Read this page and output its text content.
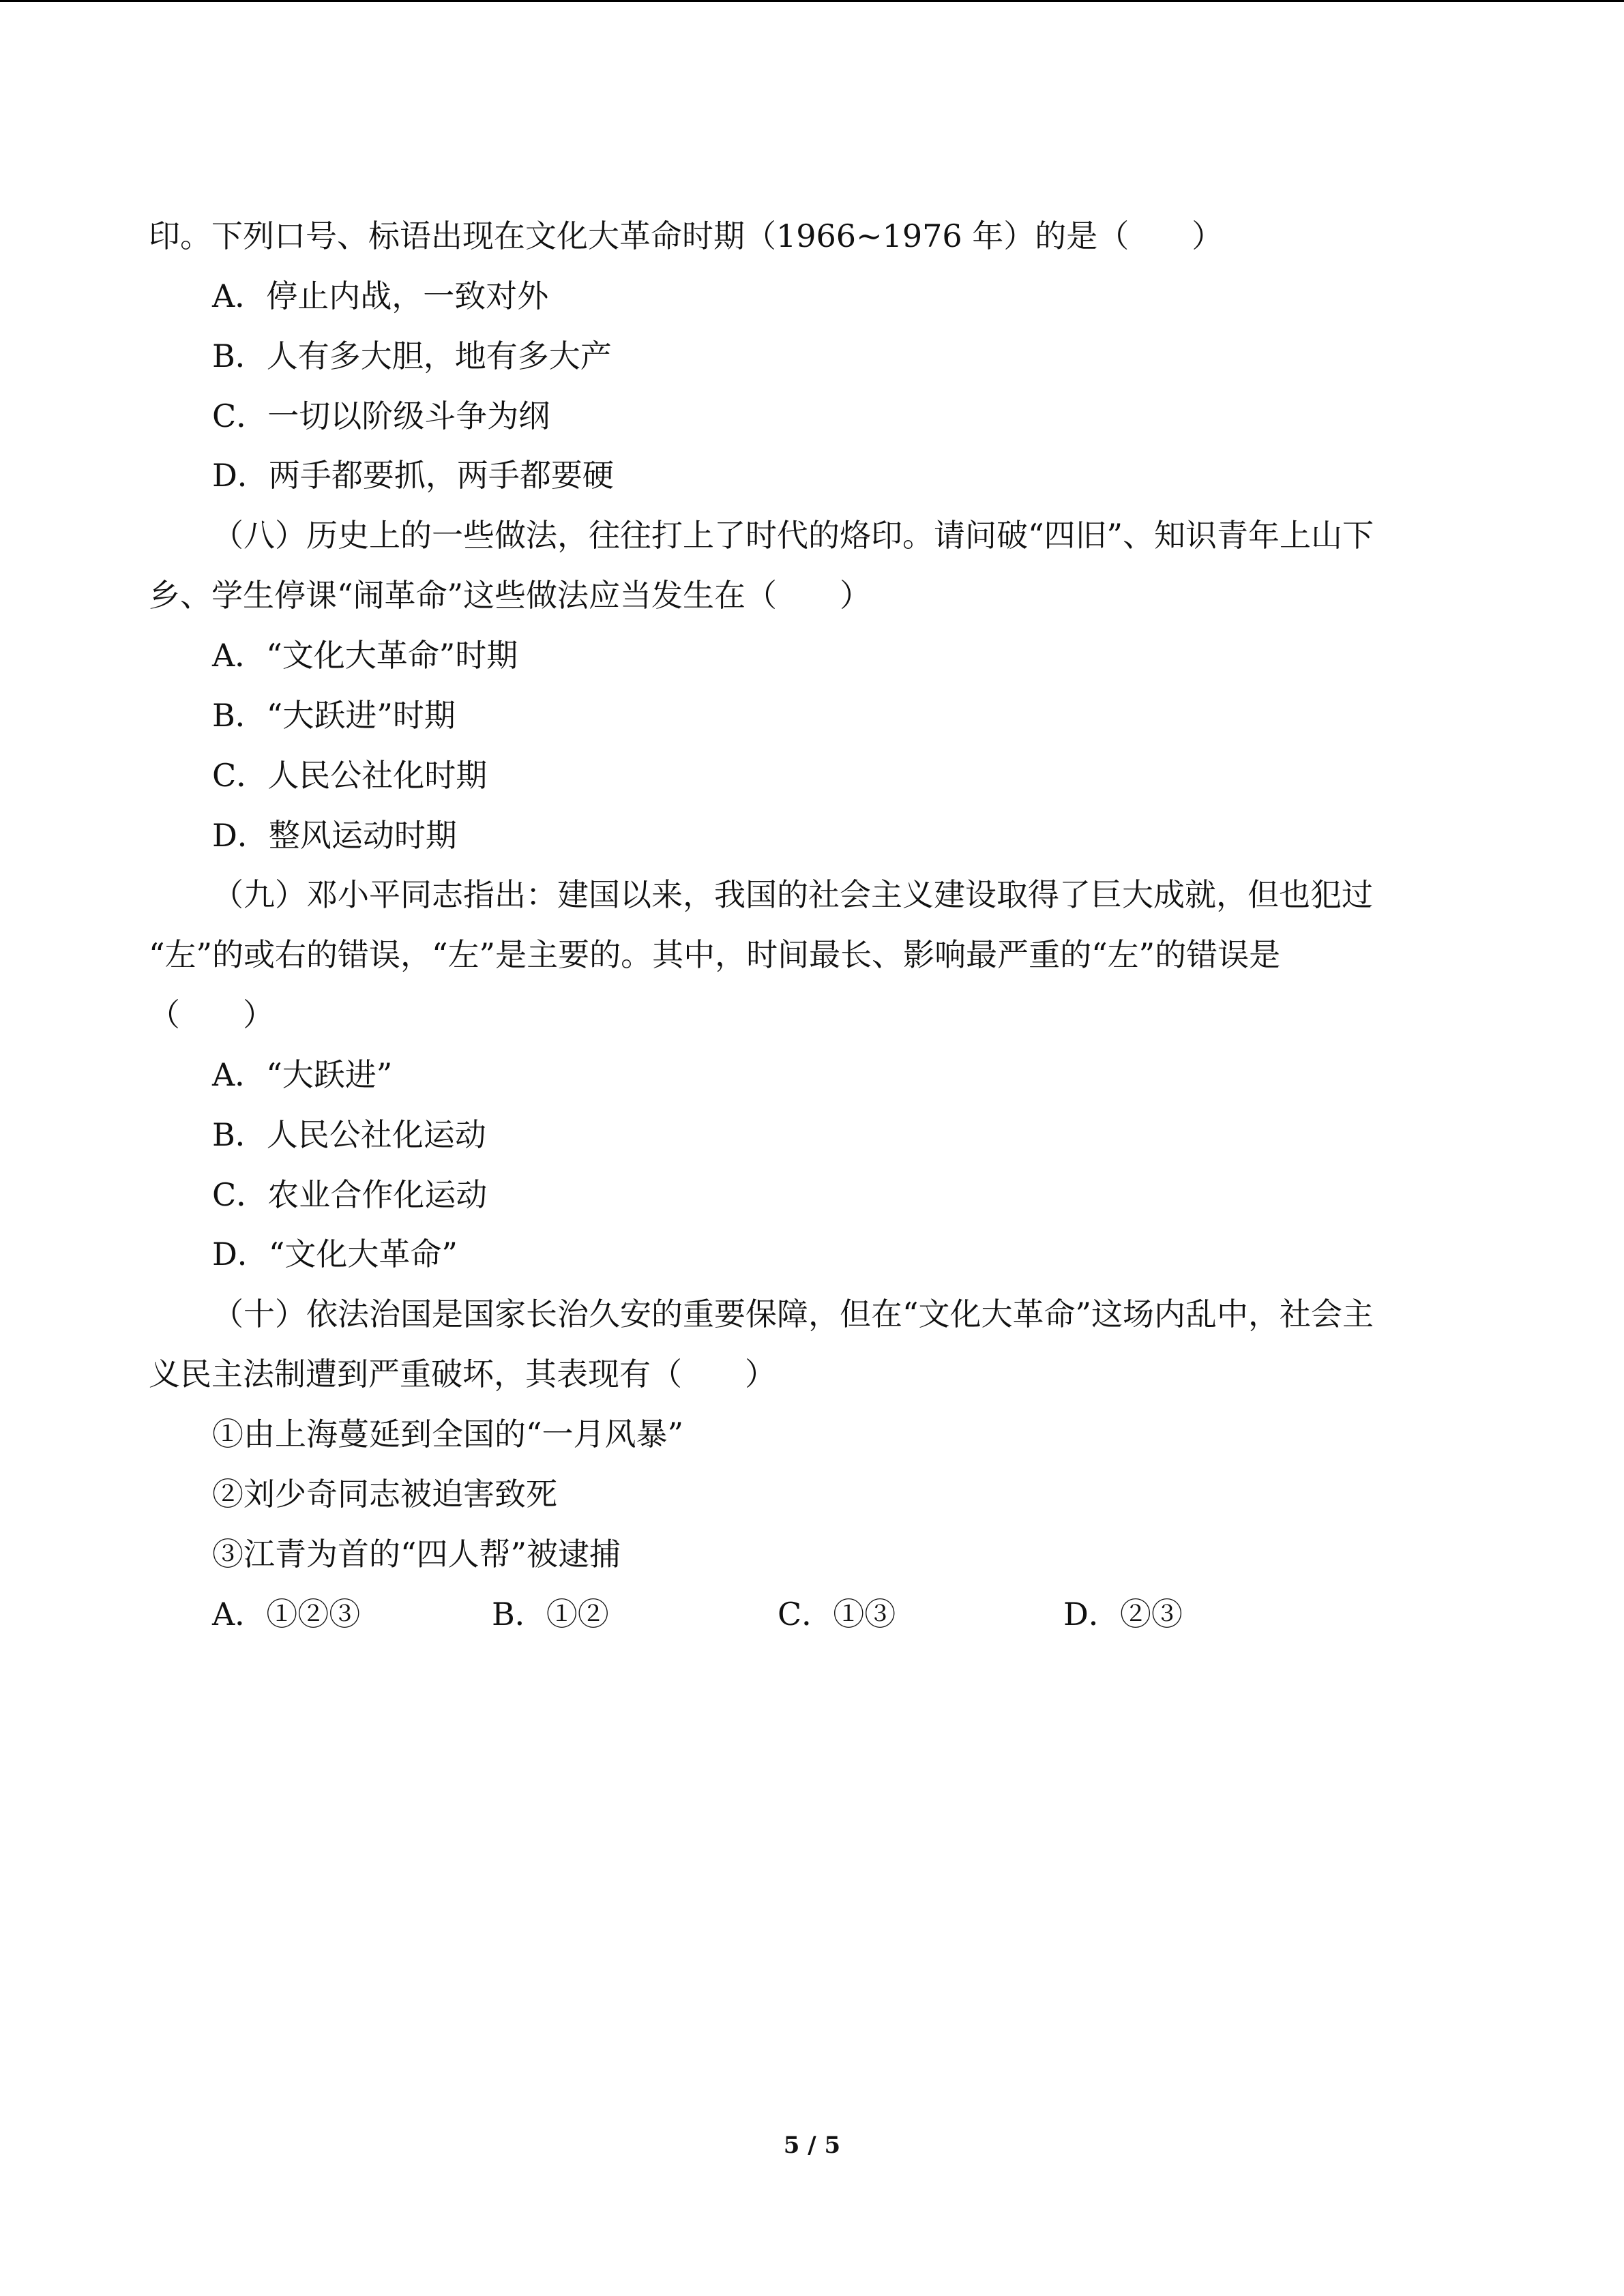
印。下列口号、标语出现在文化大革命时期（1966~1976 年）的是（　　）
A．停止内战，一致对外
B．人有多大胆，地有多大产
C．一切以阶级斗争为纲
D．两手都要抓，两手都要硬
（八）历史上的一些做法，往往打上了时代的烙印。请问破“四旧”、知识青年上山下
乡、学生停课“闹革命”这些做法应当发生在（　　）
A．“文化大革命”时期
B．“大跃进”时期
C．人民公社化时期
D．整风运动时期
（九）邓小平同志指出：建国以来，我国的社会主义建设取得了巨大成就，但也犯过
“左”的或右的错误，“左”是主要的。其中，时间最长、影响最严重的“左”的错误是
（　　）
A．“大跃进”
B．人民公社化运动
C．农业合作化运动
D．“文化大革命”
（十）依法治国是国家长治久安的重要保障，但在“文化大革命”这场内乱中，社会主
义民主法制遭到严重破坏，其表现有（　　）
①由上海蔓延到全国的“一月风暴”
②刘少奇同志被迫害致死
③江青为首的“四人帮”被逮捕
A．①②③	B．①②	C．①③	D．②③
5 / 5
